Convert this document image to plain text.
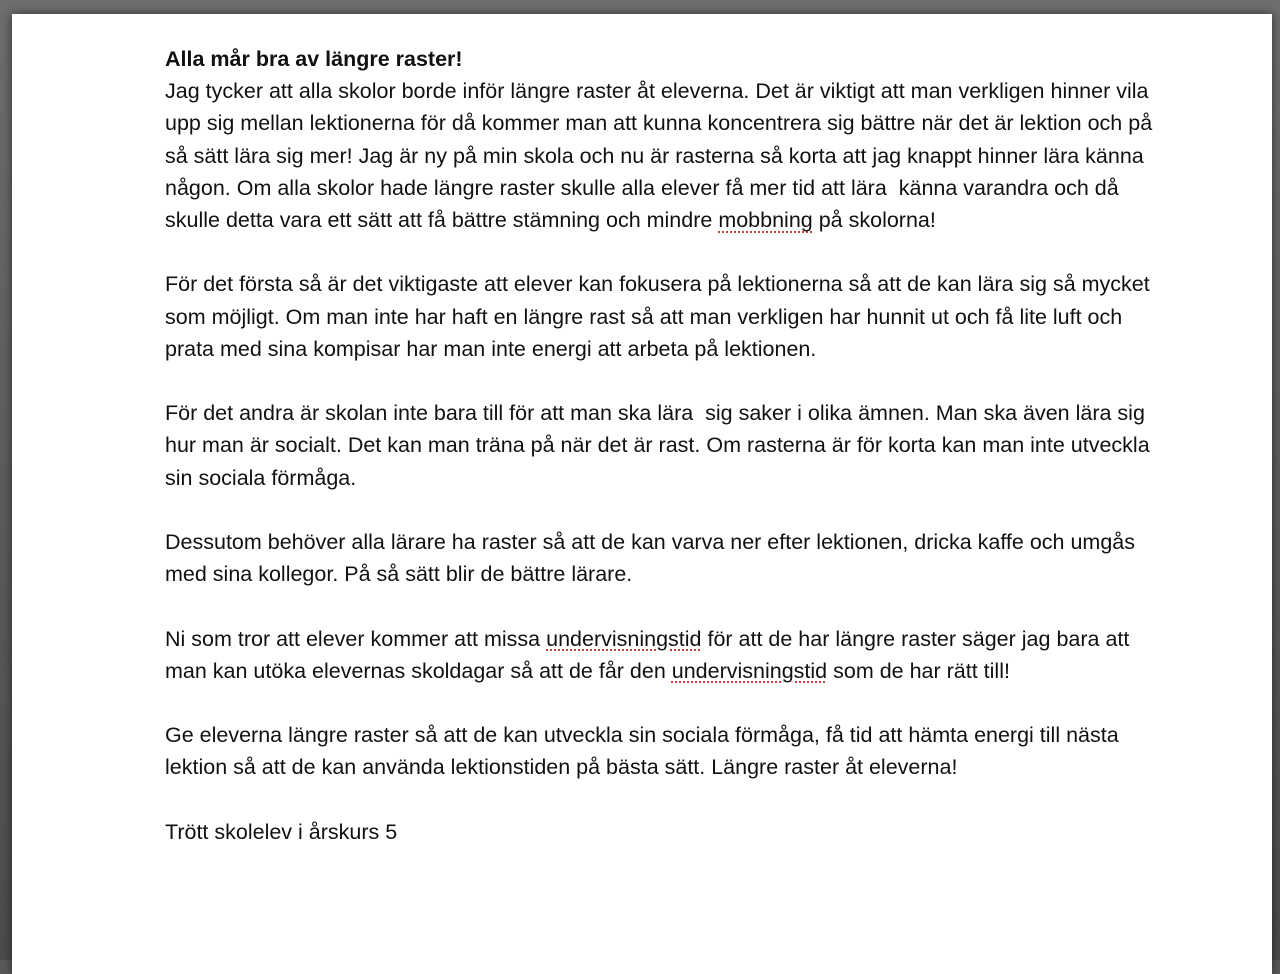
Alla mår bra av längre raster!

Jag tycker att alla skolor borde inför längre raster åt eleverna. Det är viktigt att man verkligen hinner vila upp sig mellan lektionerna för då kommer man att kunna koncentrera sig bättre när det är lektion och på så sätt lära sig mer! Jag är ny på min skola och nu är rasterna så korta att jag knappt hinner lära känna någon. Om alla skolor hade längre raster skulle alla elever få mer tid att lära  känna varandra och då skulle detta vara ett sätt att få bättre stämning och mindre mobbning på skolorna!

För det första så är det viktigaste att elever kan fokusera på lektionerna så att de kan lära sig så mycket som möjligt. Om man inte har haft en längre rast så att man verkligen har hunnit ut och få lite luft och prata med sina kompisar har man inte energi att arbeta på lektionen.

För det andra är skolan inte bara till för att man ska lära  sig saker i olika ämnen. Man ska även lära sig hur man är socialt. Det kan man träna på när det är rast. Om rasterna är för korta kan man inte utveckla sin sociala förmåga.

Dessutom behöver alla lärare ha raster så att de kan varva ner efter lektionen, dricka kaffe och umgås med sina kollegor. På så sätt blir de bättre lärare.

Ni som tror att elever kommer att missa undervisningstid för att de har längre raster säger jag bara att man kan utöka elevernas skoldagar så att de får den undervisningstid som de har rätt till!

Ge eleverna längre raster så att de kan utveckla sin sociala förmåga, få tid att hämta energi till nästa lektion så att de kan använda lektionstiden på bästa sätt. Längre raster åt eleverna!

Trött skolelev i årskurs 5
